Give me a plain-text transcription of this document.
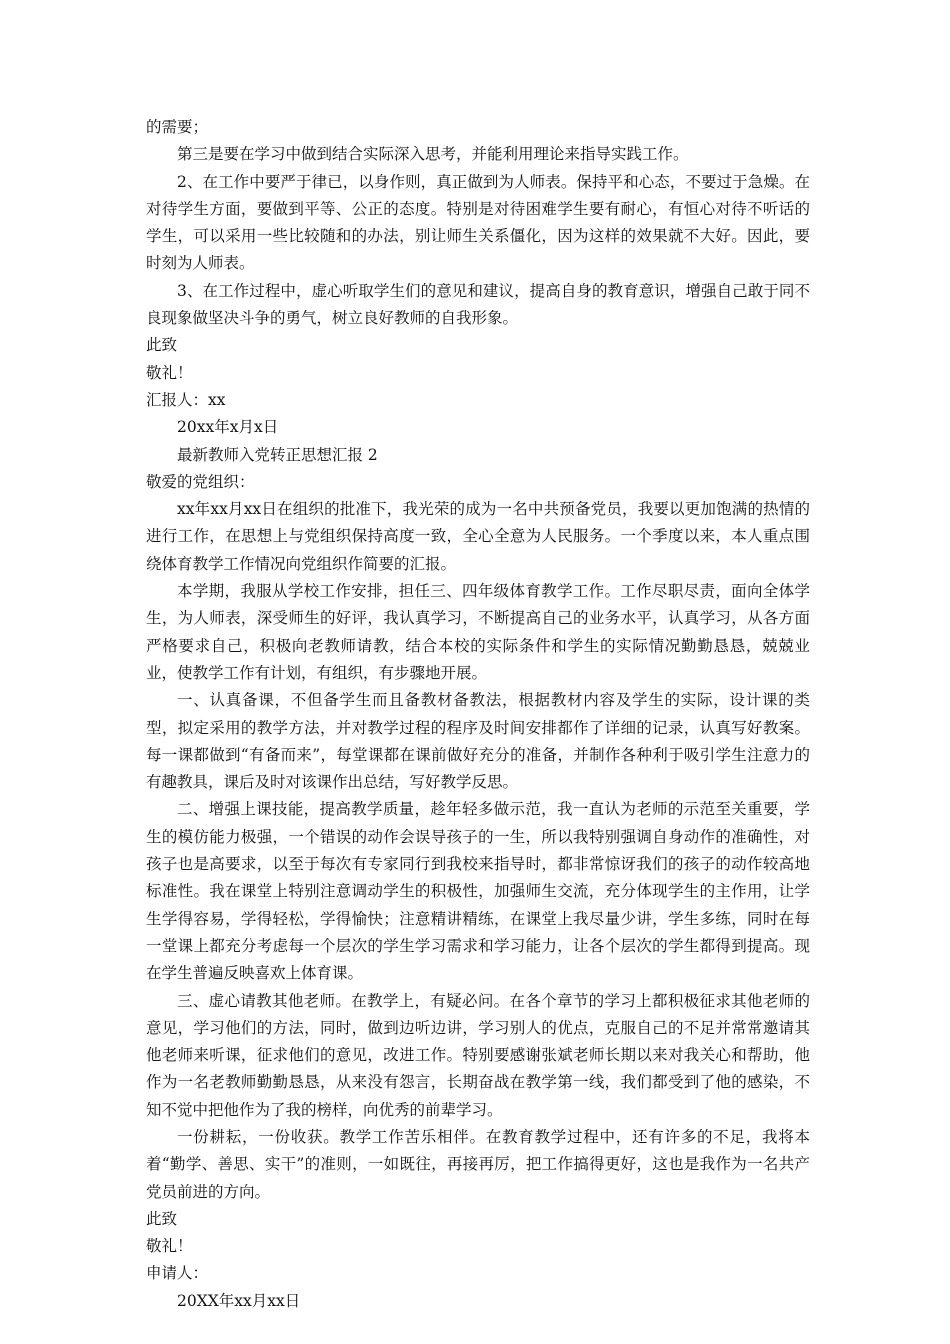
的需要；

第三是要在学习中做到结合实际深入思考，并能利用理论来指导实践工作。

2、在工作中要严于律已，以身作则，真正做到为人师表。保持平和心态，不要过于急燥。在对待学生方面，要做到平等、公正的态度。特别是对待困难学生要有耐心，有恒心对待不听话的学生，可以采用一些比较随和的办法，别让师生关系僵化，因为这样的效果就不大好。因此，要时刻为人师表。

3、在工作过程中，虚心听取学生们的意见和建议，提高自身的教育意识，增强自己敢于同不良现象做坚决斗争的勇气，树立良好教师的自我形象。

此致

敬礼！

汇报人：xx

20xx年x月x日

最新教师入党转正思想汇报 2

敬爱的党组织：

xx年xx月xx日在组织的批准下，我光荣的成为一名中共预备党员，我要以更加饱满的热情的进行工作，在思想上与党组织保持高度一致，全心全意为人民服务。一个季度以来，本人重点围绕体育教学工作情况向党组织作简要的汇报。

本学期，我服从学校工作安排，担任三、四年级体育教学工作。工作尽职尽责，面向全体学生，为人师表，深受师生的好评，我认真学习，不断提高自己的业务水平，认真学习，从各方面严格要求自己，积极向老教师请教，结合本校的实际条件和学生的实际情况勤勤恳恳，兢兢业业，使教学工作有计划，有组织，有步骤地开展。

一、认真备课，不但备学生而且备教材备教法，根据教材内容及学生的实际，设计课的类型，拟定采用的教学方法，并对教学过程的程序及时间安排都作了详细的记录，认真写好教案。每一课都做到“有备而来”，每堂课都在课前做好充分的准备，并制作各种利于吸引学生注意力的有趣教具，课后及时对该课作出总结，写好教学反思。

二、增强上课技能，提高教学质量，趁年轻多做示范，我一直认为老师的示范至关重要，学生的模仿能力极强，一个错误的动作会误导孩子的一生，所以我特别强调自身动作的准确性，对孩子也是高要求，以至于每次有专家同行到我校来指导时，都非常惊讶我们的孩子的动作较高地标准性。我在课堂上特别注意调动学生的积极性，加强师生交流，充分体现学生的主作用，让学生学得容易，学得轻松，学得愉快；注意精讲精练，在课堂上我尽量少讲，学生多练，同时在每一堂课上都充分考虑每一个层次的学生学习需求和学习能力，让各个层次的学生都得到提高。现在学生普遍反映喜欢上体育课。

三、虚心请教其他老师。在教学上，有疑必问。在各个章节的学习上都积极征求其他老师的意见，学习他们的方法，同时，做到边听边讲，学习别人的优点，克服自己的不足并常常邀请其他老师来听课，征求他们的意见，改进工作。特别要感谢张斌老师长期以来对我关心和帮助，他作为一名老教师勤勤恳恳，从来没有怨言，长期奋战在教学第一线，我们都受到了他的感染，不知不觉中把他作为了我的榜样，向优秀的前辈学习。

一份耕耘，一份收获。教学工作苦乐相伴。在教育教学过程中，还有许多的不足，我将本着“勤学、善思、实干”的准则，一如既往，再接再厉，把工作搞得更好，这也是我作为一名共产党员前进的方向。

此致

敬礼！

申请人：

20XX年xx月xx日
